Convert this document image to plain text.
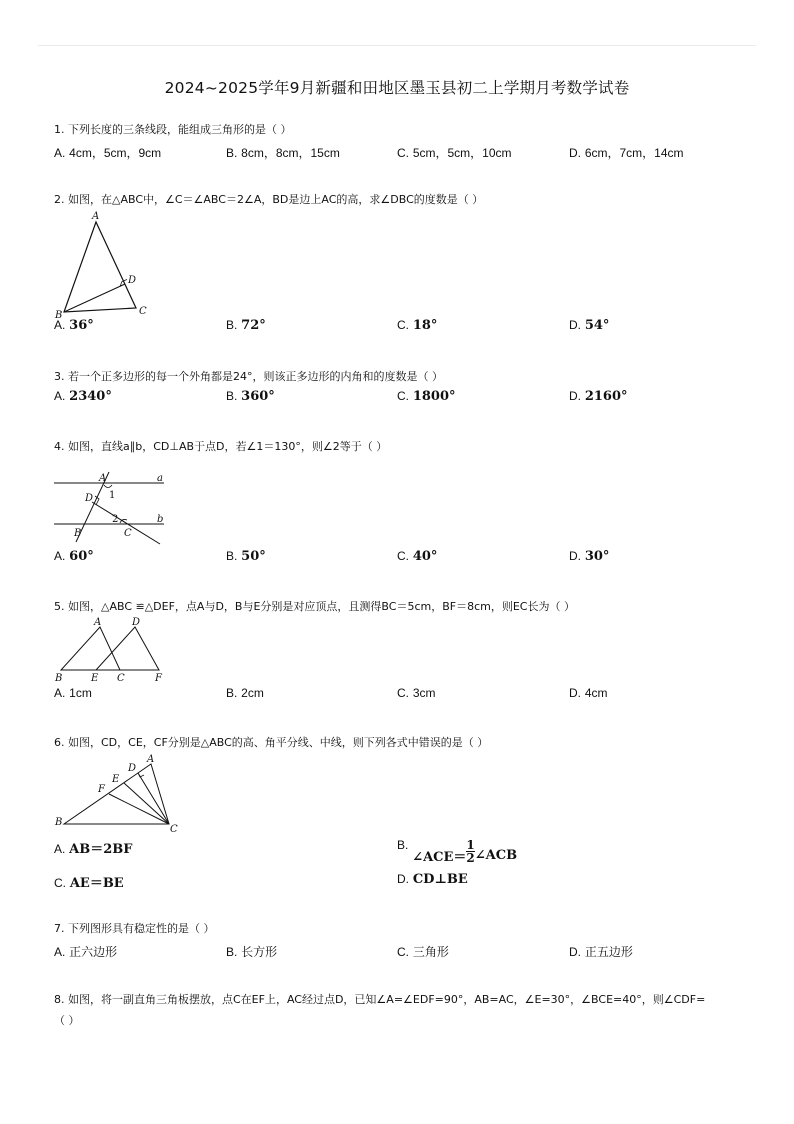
2024~2025学年9月新疆和田地区墨玉县初二上学期月考数学试卷
1. 下列长度的三条线段，能组成三角形的是（ ）
A. 4cm，5cm，9cm	B. 8cm，8cm，15cm	C. 5cm，5cm，10cm	D. 6cm，7cm，14cm
2. 如图，在△ABC中，∠C＝∠ABC＝2∠A，BD是边上AC的高，求∠DBC的度数是（ ）
A
D
B	C
A. 36°	B. 72°	C. 18°	D. 54°
3. 若一个正多边形的每一个外角都是24°，则该正多边形的内角和的度数是（ ）
A. 2340°	B. 360°	C. 1800°	D. 2160°
4. 如图，直线a∥b，CD⊥AB于点D，若∠1＝130°，则∠2等于（ ）
A	a
D 1
2	b
B	C
A. 60°	B. 50°	C. 40°	D. 30°
5. 如图，△ABC ≌△DEF，点A与D，B与E分别是对应顶点，且测得BC＝5cm，BF＝8cm，则EC长为（ ）
A	D
B	E C	F
A. 1cm	B. 2cm	C. 3cm	D. 4cm
6. 如图，CD，CE，CF分别是△ABC的高、角平分线、中线，则下列各式中错误的是（ ）
A
D
E
F
B
C
A. AB＝2BF	B. ∠ACE＝ $\frac{1}{2}$ ∠ACB
C. AE＝BE	D. CD⊥BE
7. 下列图形具有稳定性的是（ ）
A. 正六边形	B. 长方形	C. 三角形	D. 正五边形
8. 如图，将一副直角三角板摆放，点C在EF上，AC经过点D，已知∠A=∠EDF=90°，AB=AC，∠E=30°，∠BCE=40°，则∠CDF=
（ ）
